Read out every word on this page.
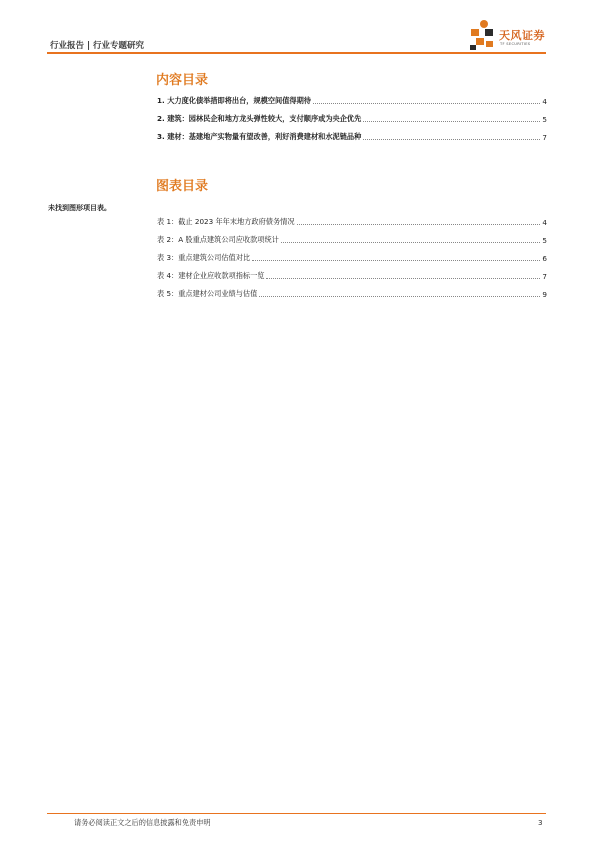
行业报告 | 行业专题研究
天风证券
TF SECURITIES
内容目录
1. 大力度化债举措即将出台，规模空间值得期待	4
2. 建筑：园林民企和地方龙头弹性较大，支付顺序或为央企优先	5
3. 建材：基建地产实物量有望改善，利好消费建材和水泥链品种	7
图表目录
未找到图形项目表。
表 1：截止 2023 年年末地方政府债务情况	4
表 2：A 股重点建筑公司应收款项统计	5
表 3：重点建筑公司估值对比	6
表 4：建材企业应收款项指标一览	7
表 5：重点建材公司业绩与估值	9
请务必阅读正文之后的信息披露和免责申明	3
